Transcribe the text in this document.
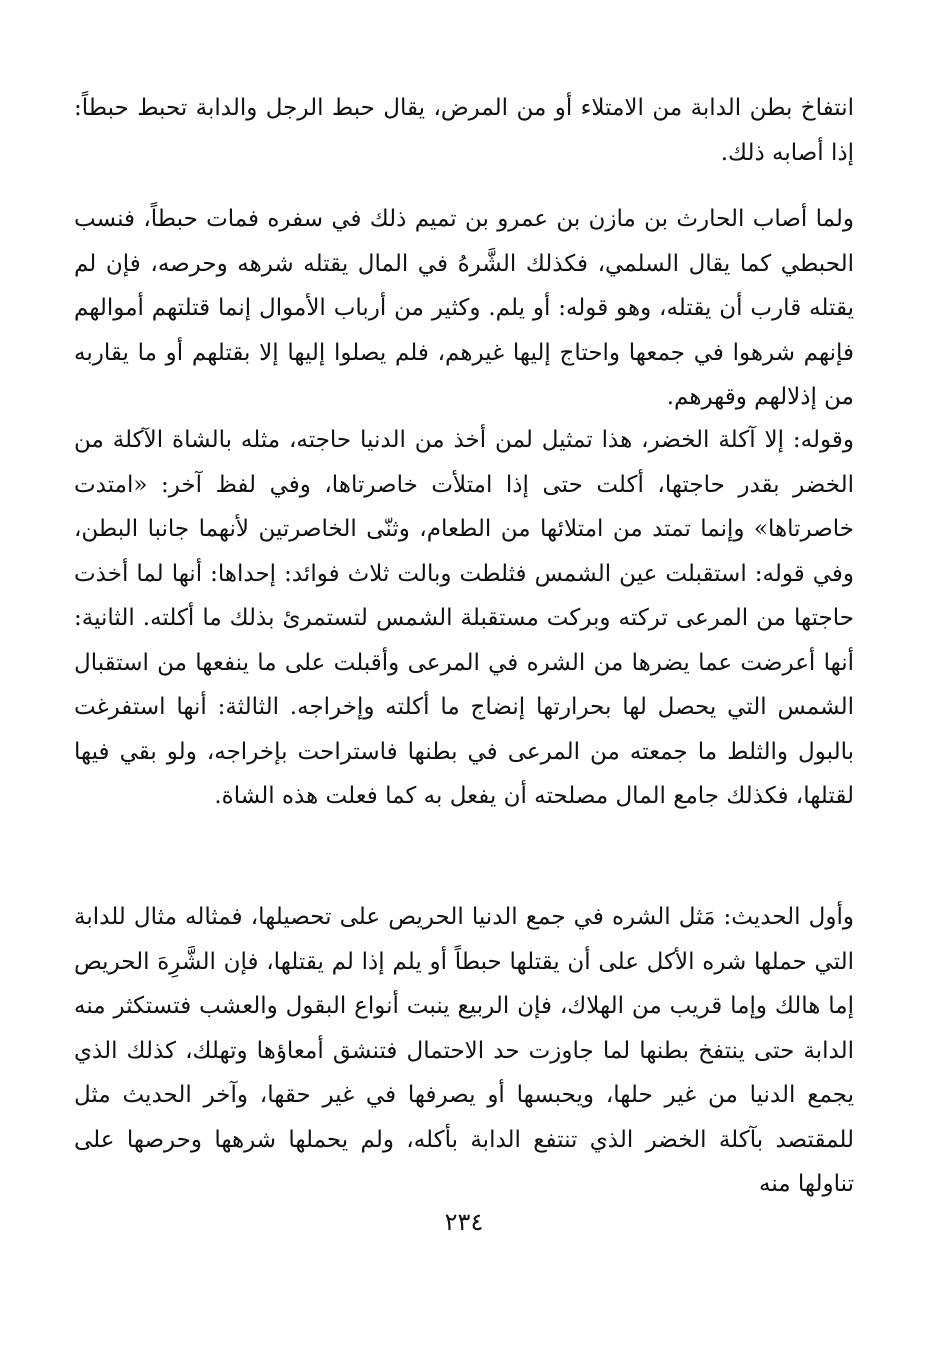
انتفاخ بطن الدابة من الامتلاء أو من المرض، يقال حبط الرجل والدابة تحبط حبطاً: إذا أصابه ذلك.

ولما أصاب الحارث بن مازن بن عمرو بن تميم ذلك في سفره فمات حبطاً، فنسب الحبطي كما يقال السلمي، فكذلك الشَّرهُ في المال يقتله شرهه وحرصه، فإن لم يقتله قارب أن يقتله، وهو قوله: أو يلم. وكثير من أرباب الأموال إنما قتلتهم أموالهم فإنهم شرهوا في جمعها واحتاج إليها غيرهم، فلم يصلوا إليها إلا بقتلهم أو ما يقاربه من إذلالهم وقهرهم.

وقوله: إلا آكلة الخضر، هذا تمثيل لمن أخذ من الدنيا حاجته، مثله بالشاة الآكلة من الخضر بقدر حاجتها، أكلت حتى إذا امتلأت خاصرتاها، وفي لفظ آخر: «امتدت خاصرتاها» وإنما تمتد من امتلائها من الطعام، وثنّى الخاصرتين لأنهما جانبا البطن، وفي قوله: استقبلت عين الشمس فثلطت وبالت ثلاث فوائد: إحداها: أنها لما أخذت حاجتها من المرعى تركته وبركت مستقبلة الشمس لتستمرئ بذلك ما أكلته. الثانية: أنها أعرضت عما يضرها من الشره في المرعى وأقبلت على ما ينفعها من استقبال الشمس التي يحصل لها بحرارتها إنضاج ما أكلته وإخراجه. الثالثة: أنها استفرغت بالبول والثلط ما جمعته من المرعى في بطنها فاستراحت بإخراجه، ولو بقي فيها لقتلها، فكذلك جامع المال مصلحته أن يفعل به كما فعلت هذه الشاة.

وأول الحديث: مَثل الشره في جمع الدنيا الحريص على تحصيلها، فمثاله مثال للدابة التي حملها شره الأكل على أن يقتلها حبطاً أو يلم إذا لم يقتلها، فإن الشَّرِهَ الحريص إما هالك وإما قريب من الهلاك، فإن الربيع ينبت أنواع البقول والعشب فتستكثر منه الدابة حتى ينتفخ بطنها لما جاوزت حد الاحتمال فتنشق أمعاؤها وتهلك، كذلك الذي يجمع الدنيا من غير حلها، ويحبسها أو يصرفها في غير حقها، وآخر الحديث مثل للمقتصد بآكلة الخضر الذي تنتفع الدابة بأكله، ولم يحملها شرهها وحرصها على تناولها منه

٢٣٤
